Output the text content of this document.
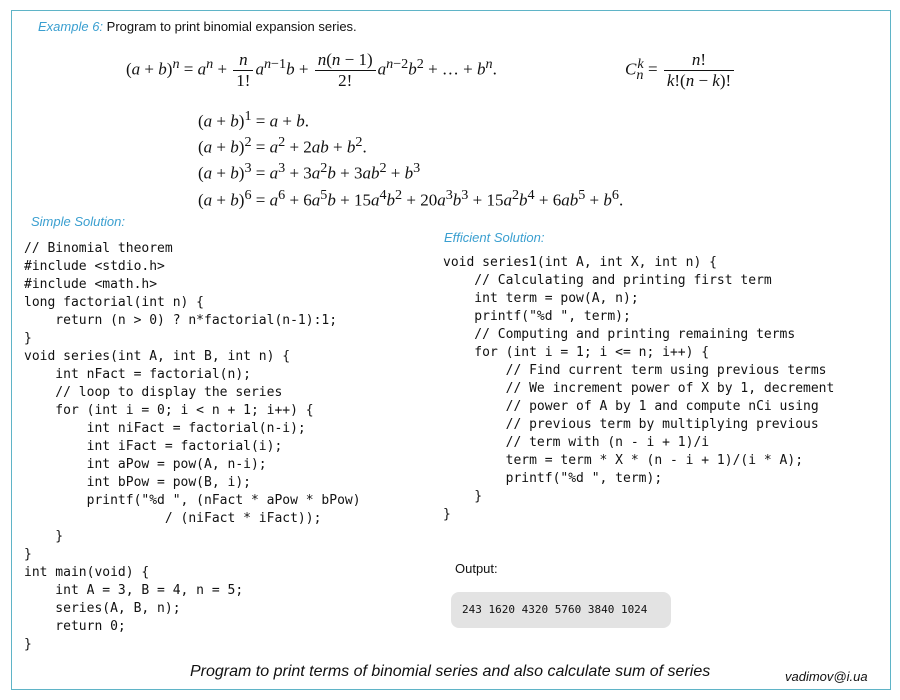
Example 6: Program to print binomial expansion series.
$(a + b)^n = a^n + \frac{n}{1!} a^{n-1}b + \frac{n(n - 1)}{2!} a^{n-2}b^2$ + … + $b^n$.	$C_n^k = \frac{n!}{k!(n - k)!}$
$(a + b)^1 = a + b$.
$(a + b)^2 = a^2 + 2ab + b^2$.
$(a + b)^3 = a^3 + 3a^2b + 3ab^2 + b^3$
$(a + b)^6 = a^6 + 6a^5b + 15a^4b^2 + 20a^3b^3 + 15a^2b^4 + 6ab^5 + b^6$.
Simple Solution:
Efficient Solution:
// Binomial theorem
#include <stdio.h>
#include <math.h>
long factorial(int n) {
return (n > 0) ? n*factorial(n-1):1;
}
void series(int A, int B, int n) {
int nFact = factorial(n);
// loop to display the series
for (int i = 0; i < n + 1; i++) {
int niFact = factorial(n-i);
int iFact = factorial(i);
int aPow = pow(A, n-i);
int bPow = pow(B, i);
printf("%d ", (nFact * aPow * bPow)
/ (niFact * iFact));
}
}
int main(void) {
int A = 3, B = 4, n = 5;
series(A, B, n);
return 0;
}
void series1(int A, int X, int n) {
// Calculating and printing first term
int term = pow(A, n);
printf("%d ", term);
// Computing and printing remaining terms
for (int i = 1; i <= n; i++) {
// Find current term using previous terms
// We increment power of X by 1, decrement
// power of A by 1 and compute nCi using
// previous term by multiplying previous
// term with (n - i + 1)/i
term = term * X * (n - i + 1)/(i * A);
printf("%d ", term);
}
}
Output:
243 1620 4320 5760 3840 1024
Program to print terms of binomial series and also calculate sum of series	vadimov@i.ua
